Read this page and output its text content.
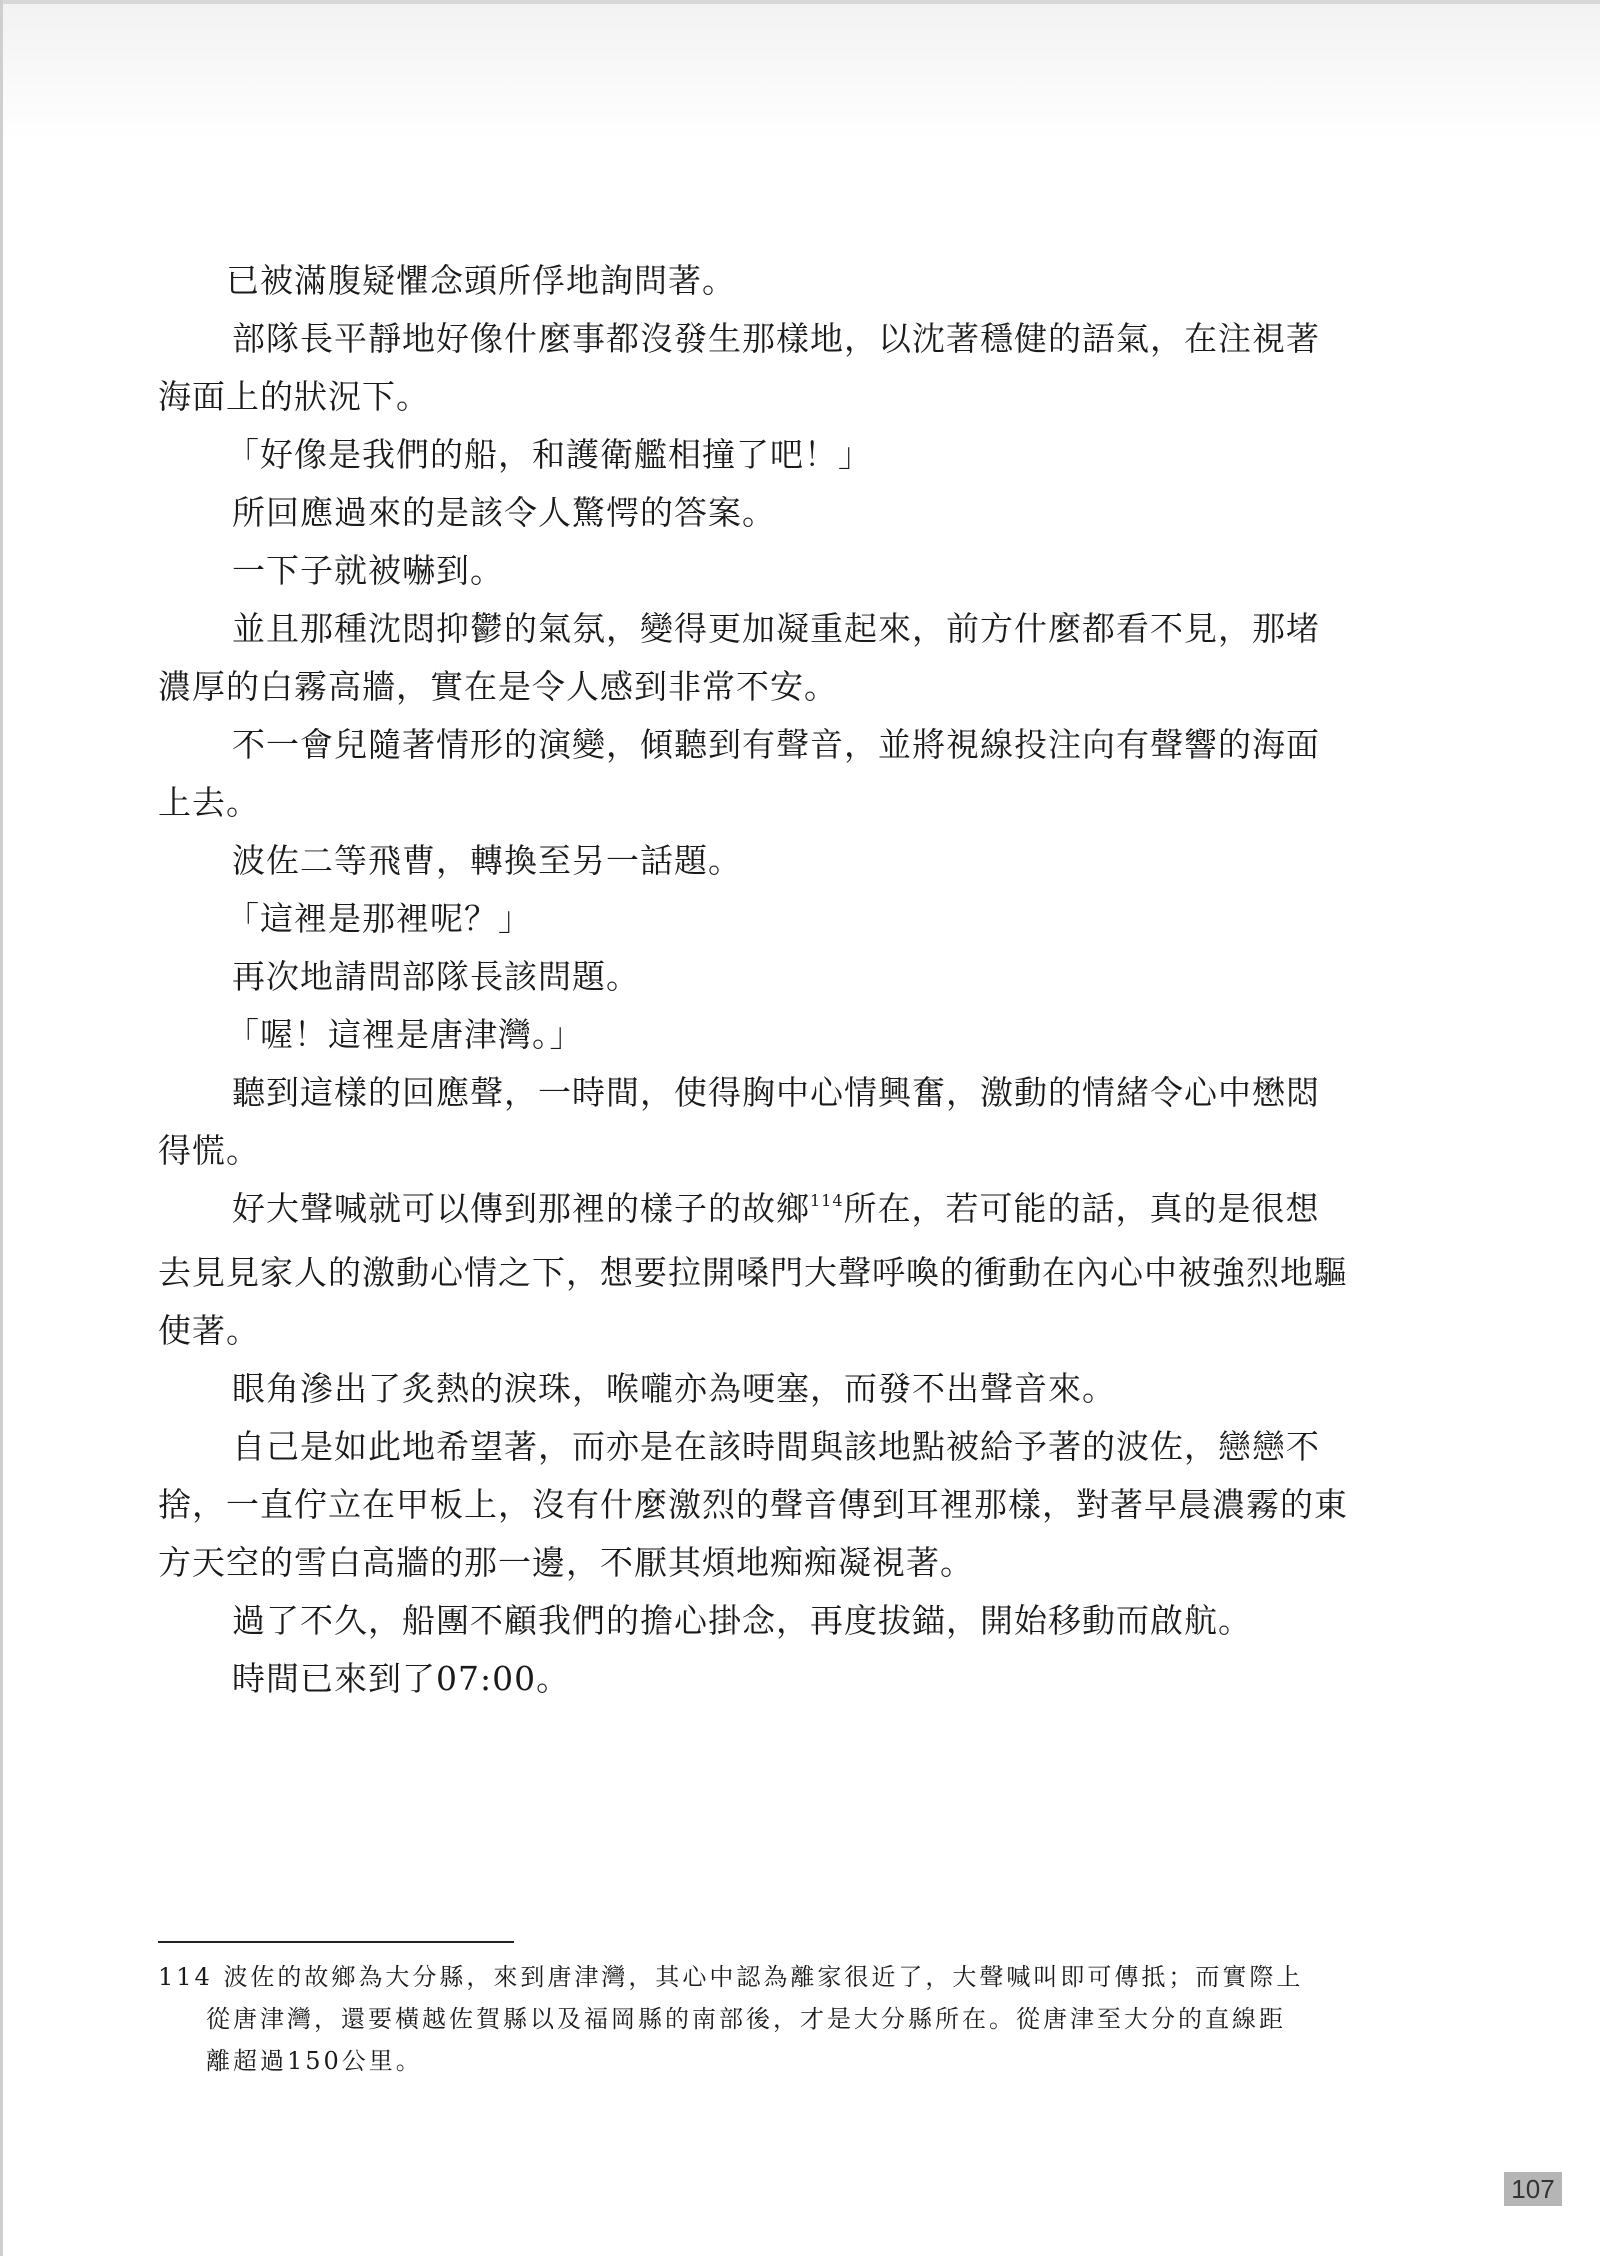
已被滿腹疑懼念頭所俘地詢問著。

部隊長平靜地好像什麼事都沒發生那樣地，以沈著穩健的語氣，在注視著海面上的狀況下。

「好像是我們的船，和護衛艦相撞了吧！」

所回應過來的是該令人驚愕的答案。

一下子就被嚇到。

並且那種沈悶抑鬱的氣氛，變得更加凝重起來，前方什麼都看不見，那堵濃厚的白霧高牆，實在是令人感到非常不安。

不一會兒隨著情形的演變，傾聽到有聲音，並將視線投注向有聲響的海面上去。

波佐二等飛曹，轉換至另一話題。

「這裡是那裡呢？」

再次地請問部隊長該問題。

「喔！這裡是唐津灣。」

聽到這樣的回應聲，一時間，使得胸中心情興奮，激動的情緒令心中懋悶得慌。

好大聲喊就可以傳到那裡的樣子的故鄉$^{114}$所在，若可能的話，真的是很想去見見家人的激動心情之下，想要拉開嗓門大聲呼喚的衝動在內心中被強烈地驅使著。

眼角滲出了炙熱的淚珠，喉嚨亦為哽塞，而發不出聲音來。

自己是如此地希望著，而亦是在該時間與該地點被給予著的波佐，戀戀不捨，一直佇立在甲板上，沒有什麼激烈的聲音傳到耳裡那樣，對著早晨濃霧的東方天空的雪白高牆的那一邊，不厭其煩地痴痴凝視著。

過了不久，船團不顧我們的擔心掛念，再度拔錨，開始移動而啟航。

時間已來到了07:00。

114 波佐的故鄉為大分縣，來到唐津灣，其心中認為離家很近了，大聲喊叫即可傳抵；而實際上
從唐津灣，還要橫越佐賀縣以及福岡縣的南部後，才是大分縣所在。從唐津至大分的直線距
離超過150公里。
107
